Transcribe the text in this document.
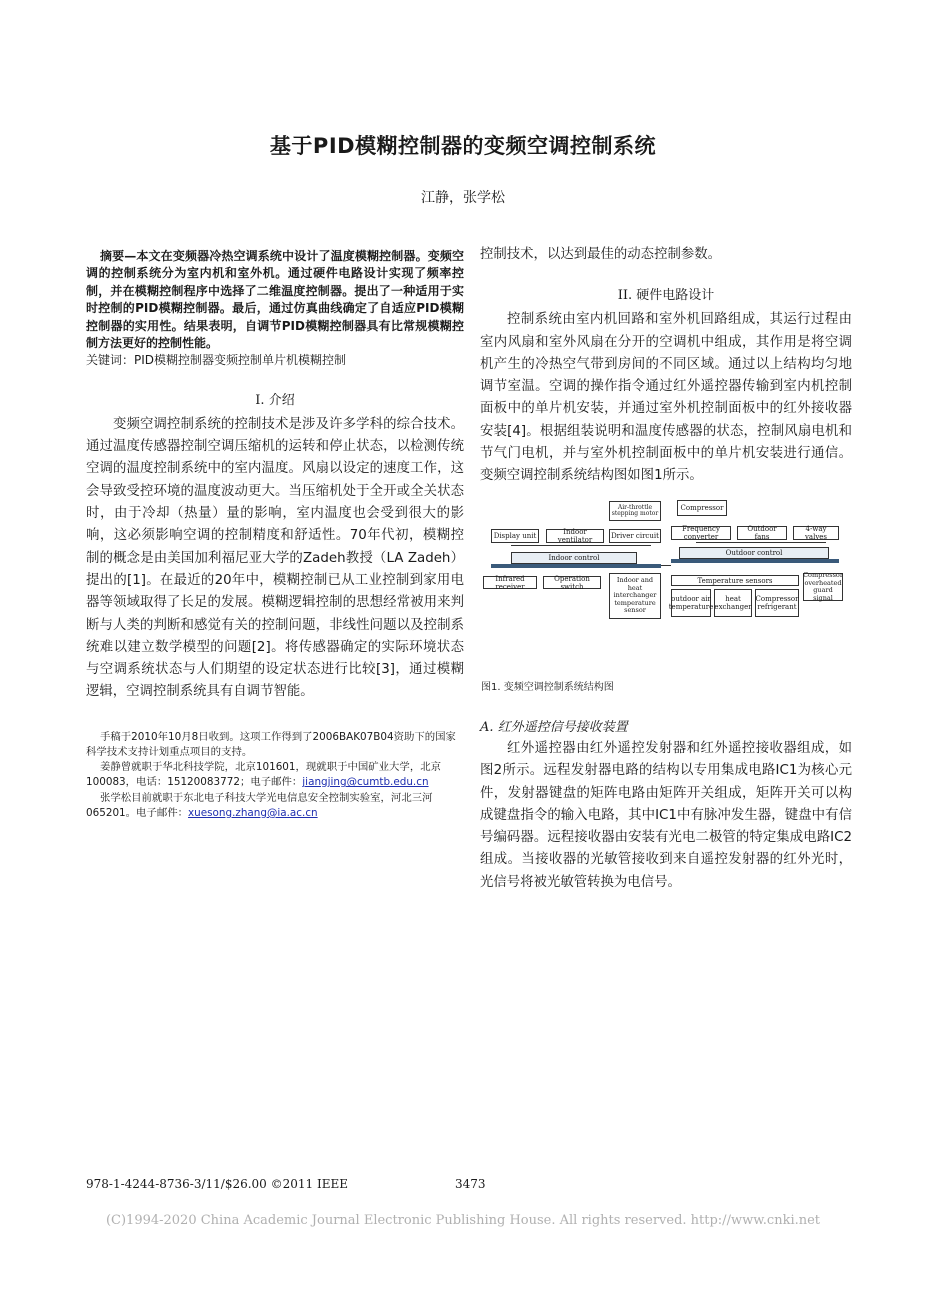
基于PID模糊控制器的变频空调控制系统
江静，张学松

摘要—本文在变频器冷热空调系统中设计了温度模糊控制器。变频空调的控制系统分为室内机和室外机。通过硬件电路设计实现了频率控制，并在模糊控制程序中选择了二维温度控制器。提出了一种适用于实时控制的PID模糊控制器。最后，通过仿真曲线确定了自适应PID模糊控制器的实用性。结果表明，自调节PID模糊控制器具有比常规模糊控制方法更好的控制性能。

关键词：PID模糊控制器变频控制单片机模糊控制

I. 介绍

变频空调控制系统的控制技术是涉及许多学科的综合技术。通过温度传感器控制空调压缩机的运转和停止状态，以检测传统空调的温度控制系统中的室内温度。风扇以设定的速度工作，这会导致受控环境的温度波动更大。当压缩机处于全开或全关状态时，由于冷却（热量）量的影响，室内温度也会受到很大的影响，这必须影响空调的控制精度和舒适性。70年代初，模糊控制的概念是由美国加利福尼亚大学的Zadeh教授（LA Zadeh）提出的[1]。在最近的20年中，模糊控制已从工业控制到家用电器等领域取得了长足的发展。模糊逻辑控制的思想经常被用来判断与人类的判断和感觉有关的控制问题，非线性问题以及控制系统难以建立数学模型的问题[2]。将传感器确定的实际环境状态与空调系统状态与人们期望的设定状态进行比较[3]，通过模糊逻辑，空调控制系统具有自调节智能。

手稿于2010年10月8日收到。这项工作得到了2006BAK07B04资助下的国家科学技术支持计划重点项目的支持。

姜静曾就职于华北科技学院，北京101601，现就职于中国矿业大学，北京100083，电话：15120083772；电子邮件：jiangjing@cumtb.edu.cn

张学松目前就职于东北电子科技大学光电信息安全控制实验室，河北三河065201。电子邮件：xuesong.zhang@ia.ac.cn

控制技术，以达到最佳的动态控制参数。

II. 硬件电路设计

控制系统由室内机回路和室外机回路组成，其运行过程由室内风扇和室外风扇在分开的空调机中组成，其作用是将空调机产生的冷热空气带到房间的不同区域。通过以上结构均匀地调节室温。空调的操作指令通过红外遥控器传输到室内机控制面板中的单片机安装，并通过室外机控制面板中的红外接收器安装[4]。根据组装说明和温度传感器的状态，控制风扇电机和节气门电机，并与室外机控制面板中的单片机安装进行通信。变频空调控制系统结构图如图1所示。

Air-throttle stepping motor
Compressor
Display unit	Indoor ventilator	Driver circuit
Frequency converter
Outdoor fans
4-way valves
Indoor control
Outdoor control
Infrared receiver
Operation switch
Indoor and heat interchanger temperature sensor
Temperature sensors
outdoor air temperature
heat exchanger
Compressor refrigerant
Compressor overheated guard signal
图1. 变频空调控制系统结构图

A. 红外遥控信号接收装置

红外遥控器由红外遥控发射器和红外遥控接收器组成，如图2所示。远程发射器电路的结构以专用集成电路IC1为核心元件，发射器键盘的矩阵电路由矩阵开关组成，矩阵开关可以构成键盘指令的输入电路，其中IC1中有脉冲发生器，键盘中有信号编码器。远程接收器由安装有光电二极管的特定集成电路IC2组成。当接收器的光敏管接收到来自遥控发射器的红外光时，光信号将被光敏管转换为电信号。

978-1-4244-8736-3/11/$26.00 ©2011 IEEE	3473
(C)1994-2020 China Academic Journal Electronic Publishing House. All rights reserved. http://www.cnki.net
